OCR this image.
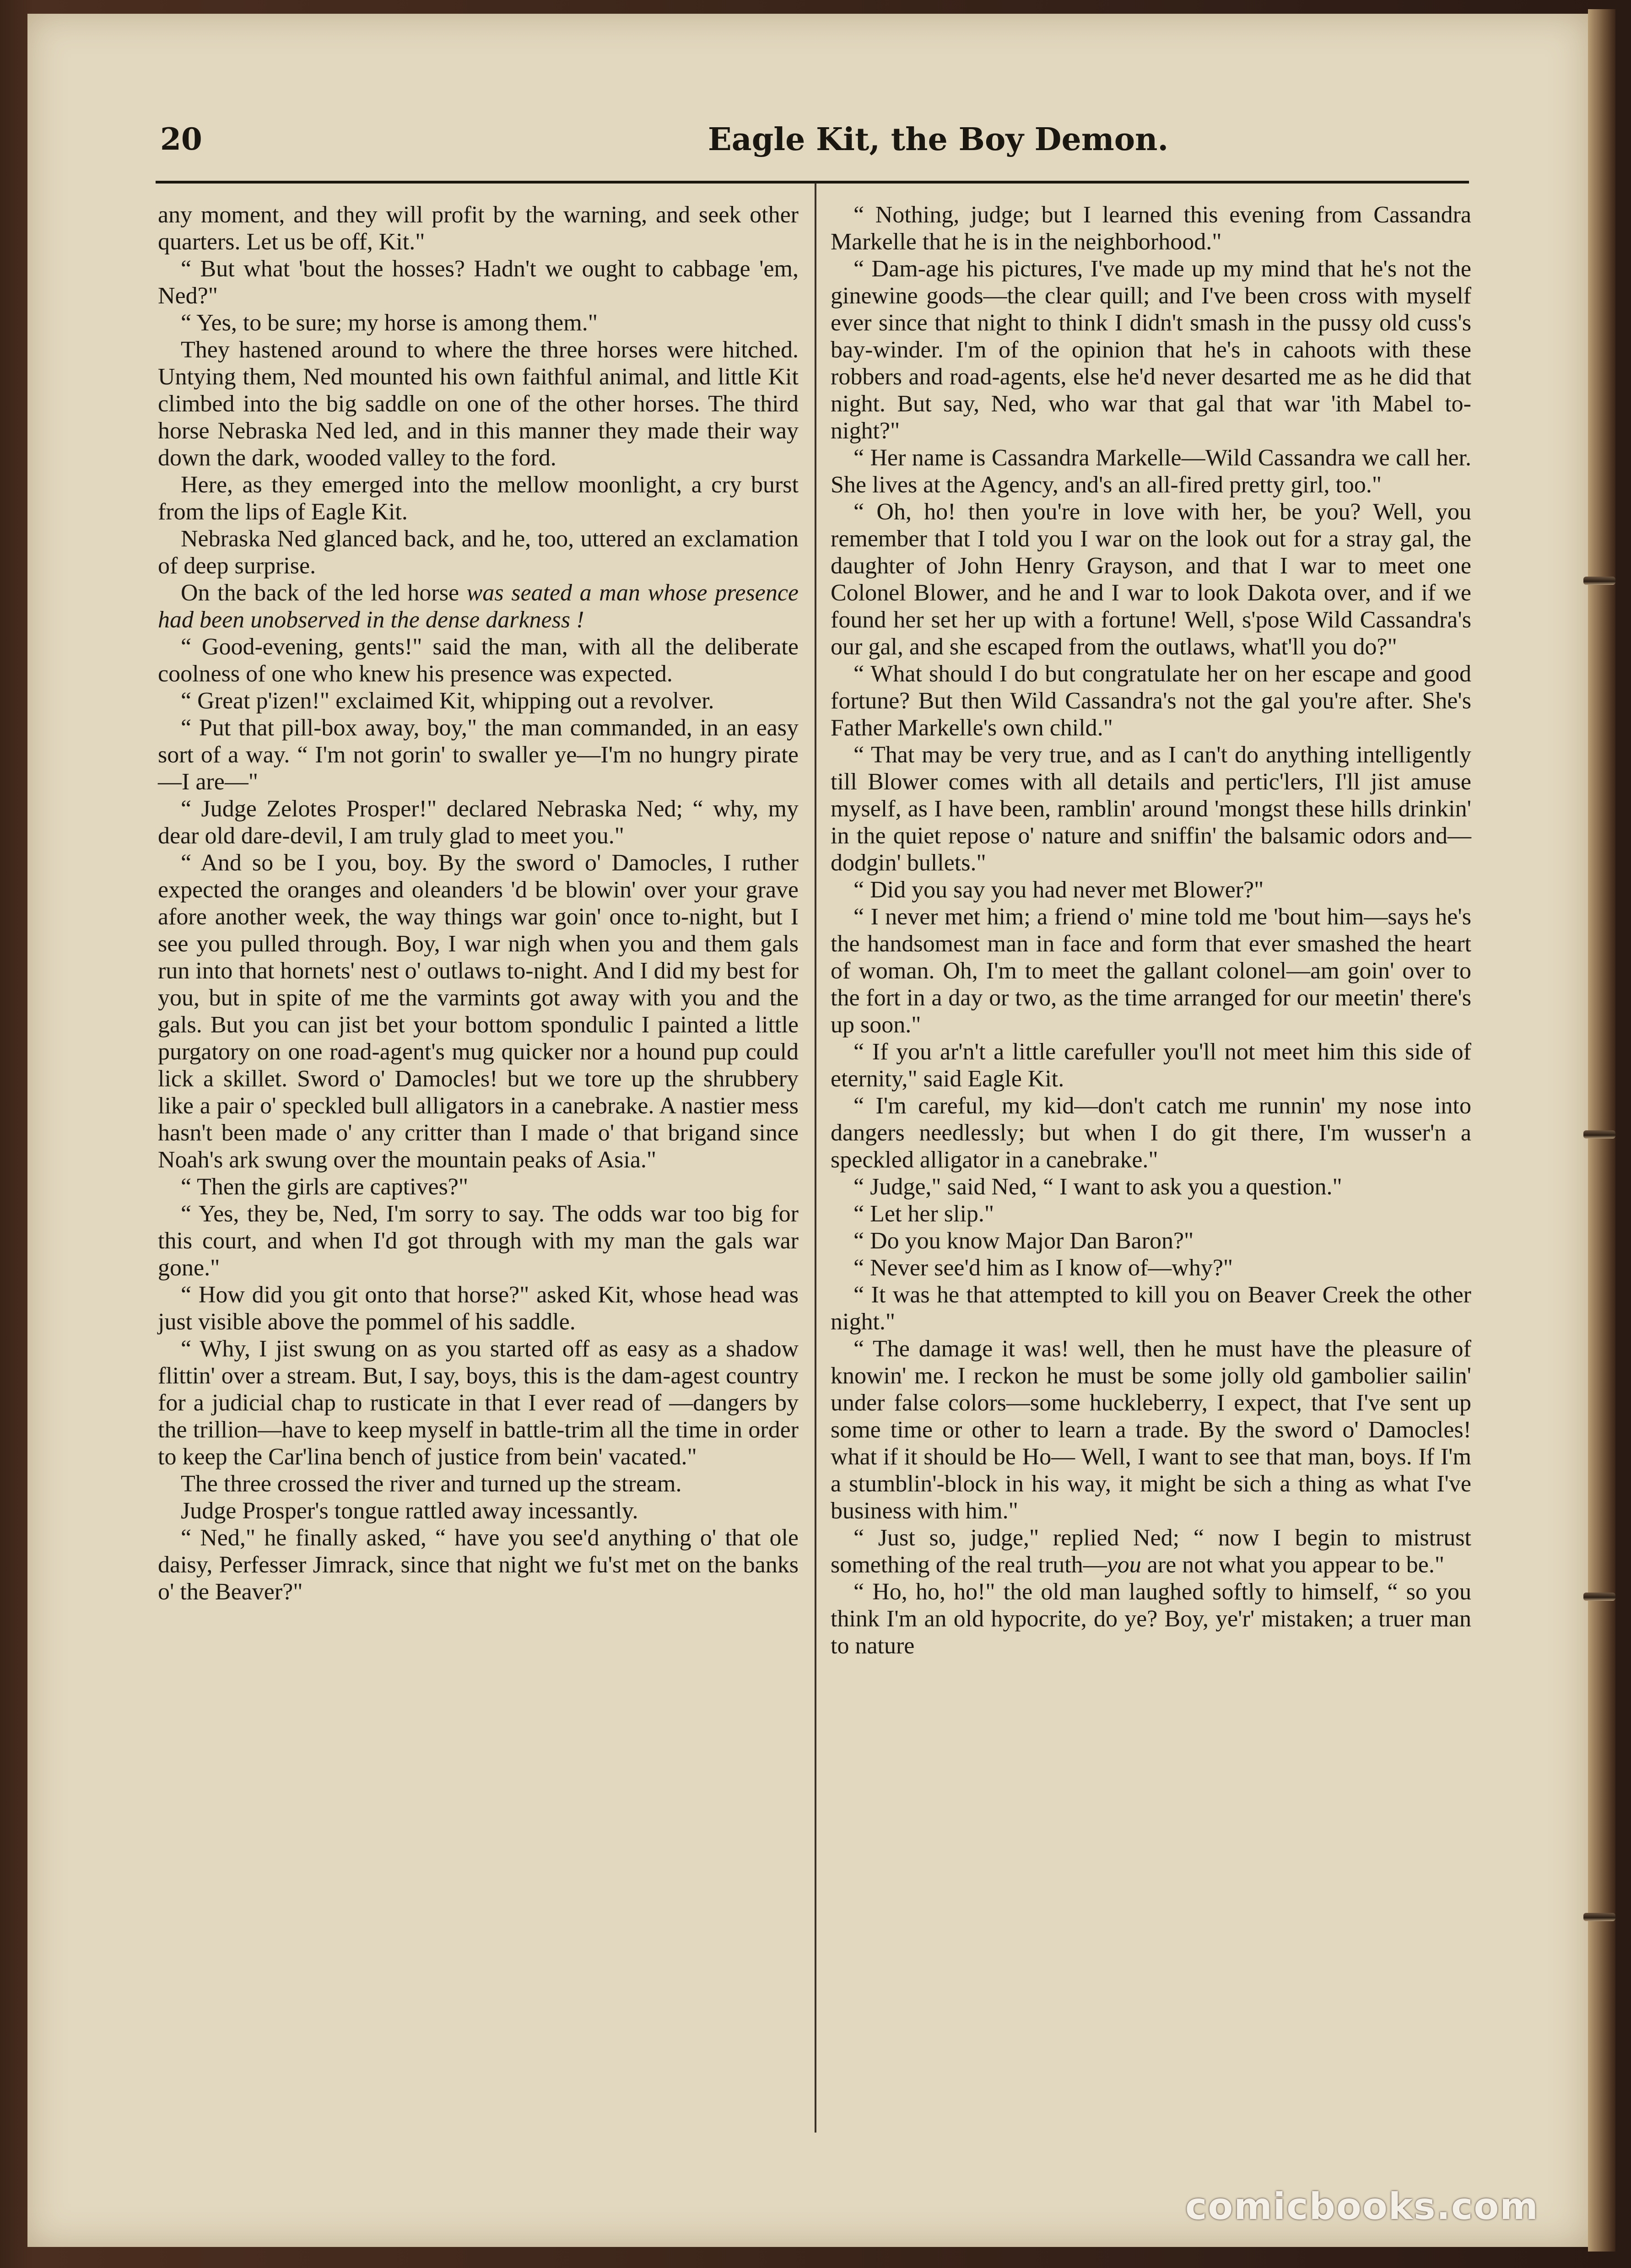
20	Eagle Kit, the Boy Demon.

any moment, and they will profit by the warning, and seek other quarters. Let us be off, Kit."

“ But what 'bout the hosses? Hadn't we ought to cabbage 'em, Ned?"

“ Yes, to be sure; my horse is among them."

They hastened around to where the three horses were hitched. Untying them, Ned mounted his own faithful animal, and little Kit climbed into the big saddle on one of the other horses. The third horse Nebraska Ned led, and in this manner they made their way down the dark, wooded valley to the ford.

Here, as they emerged into the mellow moonlight, a cry burst from the lips of Eagle Kit.

Nebraska Ned glanced back, and he, too, uttered an exclamation of deep surprise.

On the back of the led horse was seated a man whose presence had been unobserved in the dense darkness !

“ Good-evening, gents!" said the man, with all the deliberate coolness of one who knew his presence was expected.

“ Great p'izen!" exclaimed Kit, whipping out a revolver.

“ Put that pill-box away, boy," the man commanded, in an easy sort of a way. “ I'm not gorin' to swaller ye—I'm no hungry pirate—I are—"

“ Judge Zelotes Prosper!" declared Nebraska Ned; “ why, my dear old dare-devil, I am truly glad to meet you."

“ And so be I you, boy. By the sword o' Damocles, I ruther expected the oranges and oleanders 'd be blowin' over your grave afore another week, the way things war goin' once to-night, but I see you pulled through. Boy, I war nigh when you and them gals run into that hornets' nest o' outlaws to-night. And I did my best for you, but in spite of me the varmints got away with you and the gals. But you can jist bet your bottom spondulic I painted a little purgatory on one road-agent's mug quicker nor a hound pup could lick a skillet. Sword o' Damocles! but we tore up the shrubbery like a pair o' speckled bull alligators in a canebrake. A nastier mess hasn't been made o' any critter than I made o' that brigand since Noah's ark swung over the mountain peaks of Asia."

“ Then the girls are captives?"

“ Yes, they be, Ned, I'm sorry to say. The odds war too big for this court, and when I'd got through with my man the gals war gone."

“ How did you git onto that horse?" asked Kit, whose head was just visible above the pommel of his saddle.

“ Why, I jist swung on as you started off as easy as a shadow flittin' over a stream. But, I say, boys, this is the dam-agest country for a judicial chap to rusticate in that I ever read of —dangers by the trillion—have to keep myself in battle-trim all the time in order to keep the Car'lina bench of justice from bein' vacated."

The three crossed the river and turned up the stream.

Judge Prosper's tongue rattled away incessantly.

“ Ned," he finally asked, “ have you see'd anything o' that ole daisy, Perfesser Jimrack, since that night we fu'st met on the banks o' the Beaver?"

“ Nothing, judge; but I learned this evening from Cassandra Markelle that he is in the neighborhood."

“ Dam-age his pictures, I've made up my mind that he's not the ginewine goods—the clear quill; and I've been cross with myself ever since that night to think I didn't smash in the pussy old cuss's bay-winder. I'm of the opinion that he's in cahoots with these robbers and road-agents, else he'd never desarted me as he did that night. But say, Ned, who war that gal that war 'ith Mabel to-night?"

“ Her name is Cassandra Markelle—Wild Cassandra we call her. She lives at the Agency, and's an all-fired pretty girl, too."

“ Oh, ho! then you're in love with her, be you? Well, you remember that I told you I war on the look out for a stray gal, the daughter of John Henry Grayson, and that I war to meet one Colonel Blower, and he and I war to look Dakota over, and if we found her set her up with a fortune! Well, s'pose Wild Cassandra's our gal, and she escaped from the outlaws, what'll you do?"

“ What should I do but congratulate her on her escape and good fortune? But then Wild Cassandra's not the gal you're after. She's Father Markelle's own child."

“ That may be very true, and as I can't do anything intelligently till Blower comes with all details and pertic'lers, I'll jist amuse myself, as I have been, ramblin' around 'mongst these hills drinkin' in the quiet repose o' nature and sniffin' the balsamic odors and—dodgin' bullets."

“ Did you say you had never met Blower?"

“ I never met him; a friend o' mine told me 'bout him—says he's the handsomest man in face and form that ever smashed the heart of woman. Oh, I'm to meet the gallant colonel—am goin' over to the fort in a day or two, as the time arranged for our meetin' there's up soon."

“ If you ar'n't a little carefuller you'll not meet him this side of eternity," said Eagle Kit.

“ I'm careful, my kid—don't catch me runnin' my nose into dangers needlessly; but when I do git there, I'm wusser'n a speckled alligator in a canebrake."

“ Judge," said Ned, “ I want to ask you a question."

“ Let her slip."

“ Do you know Major Dan Baron?"

“ Never see'd him as I know of—why?"

“ It was he that attempted to kill you on Beaver Creek the other night."

“ The damage it was! well, then he must have the pleasure of knowin' me. I reckon he must be some jolly old gambolier sailin' under false colors—some huckleberry, I expect, that I've sent up some time or other to learn a trade. By the sword o' Damocles! what if it should be Ho— Well, I want to see that man, boys. If I'm a stumblin'-block in his way, it might be sich a thing as what I've business with him."

“ Just so, judge," replied Ned; “ now I begin to mistrust something of the real truth—you are not what you appear to be."

“ Ho, ho, ho!" the old man laughed softly to himself, “ so you think I'm an old hypocrite, do ye? Boy, ye'r' mistaken; a truer man to nature

comicbooks.com
